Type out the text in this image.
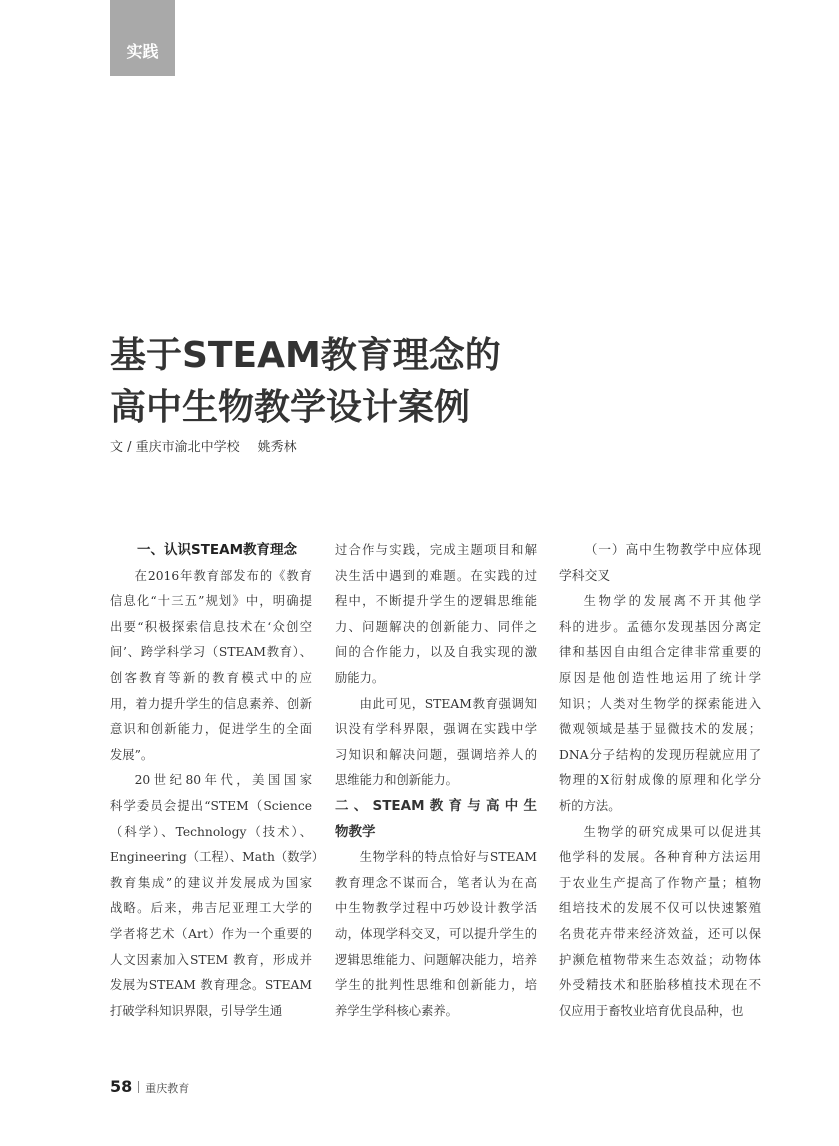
实践
基于STEAM教育理念的
高中生物教学设计案例
文 / 重庆市渝北中学校 姚秀林
一、认识STEAM教育理念
在2016年教育部发布的《教育
信息化“十三五”规划》中，明确提
出要“积极探索信息技术在‘众创空
间’、跨学科学习（STEAM教育）、
创客教育等新的教育模式中的应
用，着力提升学生的信息素养、创新
意识和创新能力，促进学生的全面
发展”。
20世纪80年代，美国国家
科学委员会提出“STEM（Science
（科学）、Technology（技术）、
Engineering（工程）、Math（数学）
教育集成”的建议并发展成为国家
战略。后来，弗吉尼亚理工大学的
学者将艺术（Art）作为一个重要的
人文因素加入STEM 教育，形成并
发展为STEAM 教育理念。STEAM
打破学科知识界限，引导学生通
过合作与实践，完成主题项目和解
决生活中遇到的难题。在实践的过
程中，不断提升学生的逻辑思维能
力、问题解决的创新能力、同伴之
间的合作能力，以及自我实现的激
励能力。
由此可见，STEAM教育强调知
识没有学科界限，强调在实践中学
习知识和解决问题，强调培养人的
思维能力和创新能力。
二、STEAM教育与高中生
物教学
生物学科的特点恰好与STEAM
教育理念不谋而合，笔者认为在高
中生物教学过程中巧妙设计教学活
动，体现学科交叉，可以提升学生的
逻辑思维能力、问题解决能力，培养
学生的批判性思维和创新能力，培
养学生学科核心素养。
（一）高中生物教学中应体现
学科交叉
生物学的发展离不开其他学
科的进步。孟德尔发现基因分离定
律和基因自由组合定律非常重要的
原因是他创造性地运用了统计学
知识；人类对生物学的探索能进入
微观领域是基于显微技术的发展；
DNA分子结构的发现历程就应用了
物理的X衍射成像的原理和化学分
析的方法。
生物学的研究成果可以促进其
他学科的发展。各种育种方法运用
于农业生产提高了作物产量；植物
组培技术的发展不仅可以快速繁殖
名贵花卉带来经济效益，还可以保
护濒危植物带来生态效益；动物体
外受精技术和胚胎移植技术现在不
仅应用于畜牧业培育优良品种，也
58 重庆教育
